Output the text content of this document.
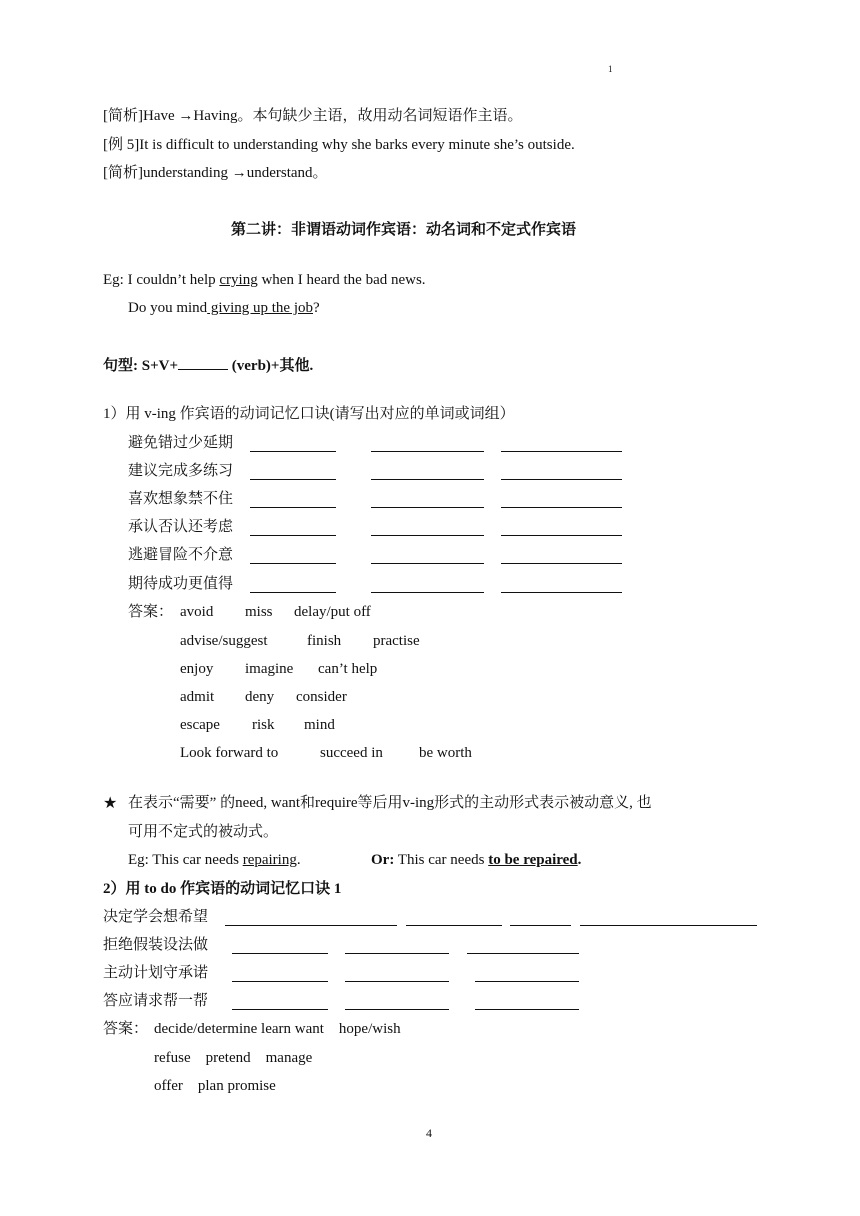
1
[简析]Have →Having。本句缺少主语，故用动名词短语作主语。
[例 5]It is difficult to understanding why she barks every minute she’s outside.
[简析]understanding →understand。
第二讲：非谓语动词作宾语：动名词和不定式作宾语
Eg: I couldn’t help crying when I heard the bad news.
Do you mind giving up the job?
句型: S+V+	(verb)+其他.
1）用 v-ing 作宾语的动词记忆口诀(请写出对应的单词或词组）
避免错过少延期
建议完成多练习
喜欢想象禁不住
承认否认还考虑
逃避冒险不介意
期待成功更值得
答案： avoid miss delay/put off
advise/suggest	finish practise
enjoy imagine can’t help
admit deny consider
escape risk mind
Look forward to	succeed in be worth
★ 在表示“需要” 的need, want和require等后用v-ing形式的主动形式表示被动意义, 也
可用不定式的被动式。
Eg: This car needs repairing.	Or: This car needs to be repaired.
2）用 to do 作宾语的动词记忆口诀 1
决定学会想希望
拒绝假装设法做
主动计划守承诺
答应请求帮一帮
答案： decide/determine learn want    hope/wish
refuse    pretend    manage
offer    plan promise
4
